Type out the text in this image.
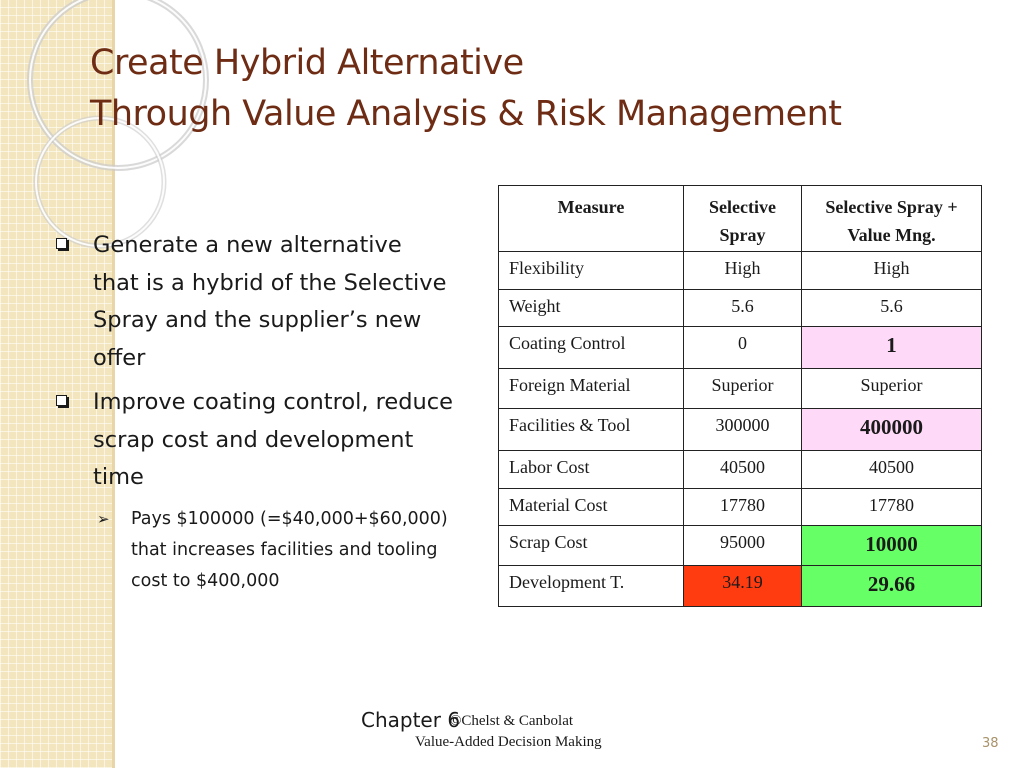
Create Hybrid Alternative
Through Value Analysis & Risk Management
Generate a new alternative that is a hybrid of the Selective Spray and the supplier’s new offer
Improve coating control, reduce scrap cost and development time
➢ Pays $100000 (=$40,000+$60,000) that increases facilities and tooling cost to $400,000
Measure	Selective Spray	Selective Spray + Value Mng.
Flexibility	High	High
Weight	5.6	5.6
Coating Control	0	1
Foreign Material	Superior	Superior
Facilities & Tool	300000	400000
Labor Cost	40500	40500
Material Cost	17780	17780
Scrap Cost	95000	10000
Development T.	34.19	29.66
Chapter 6
©Chelst & Canbolat
Value-Added Decision Making	38
